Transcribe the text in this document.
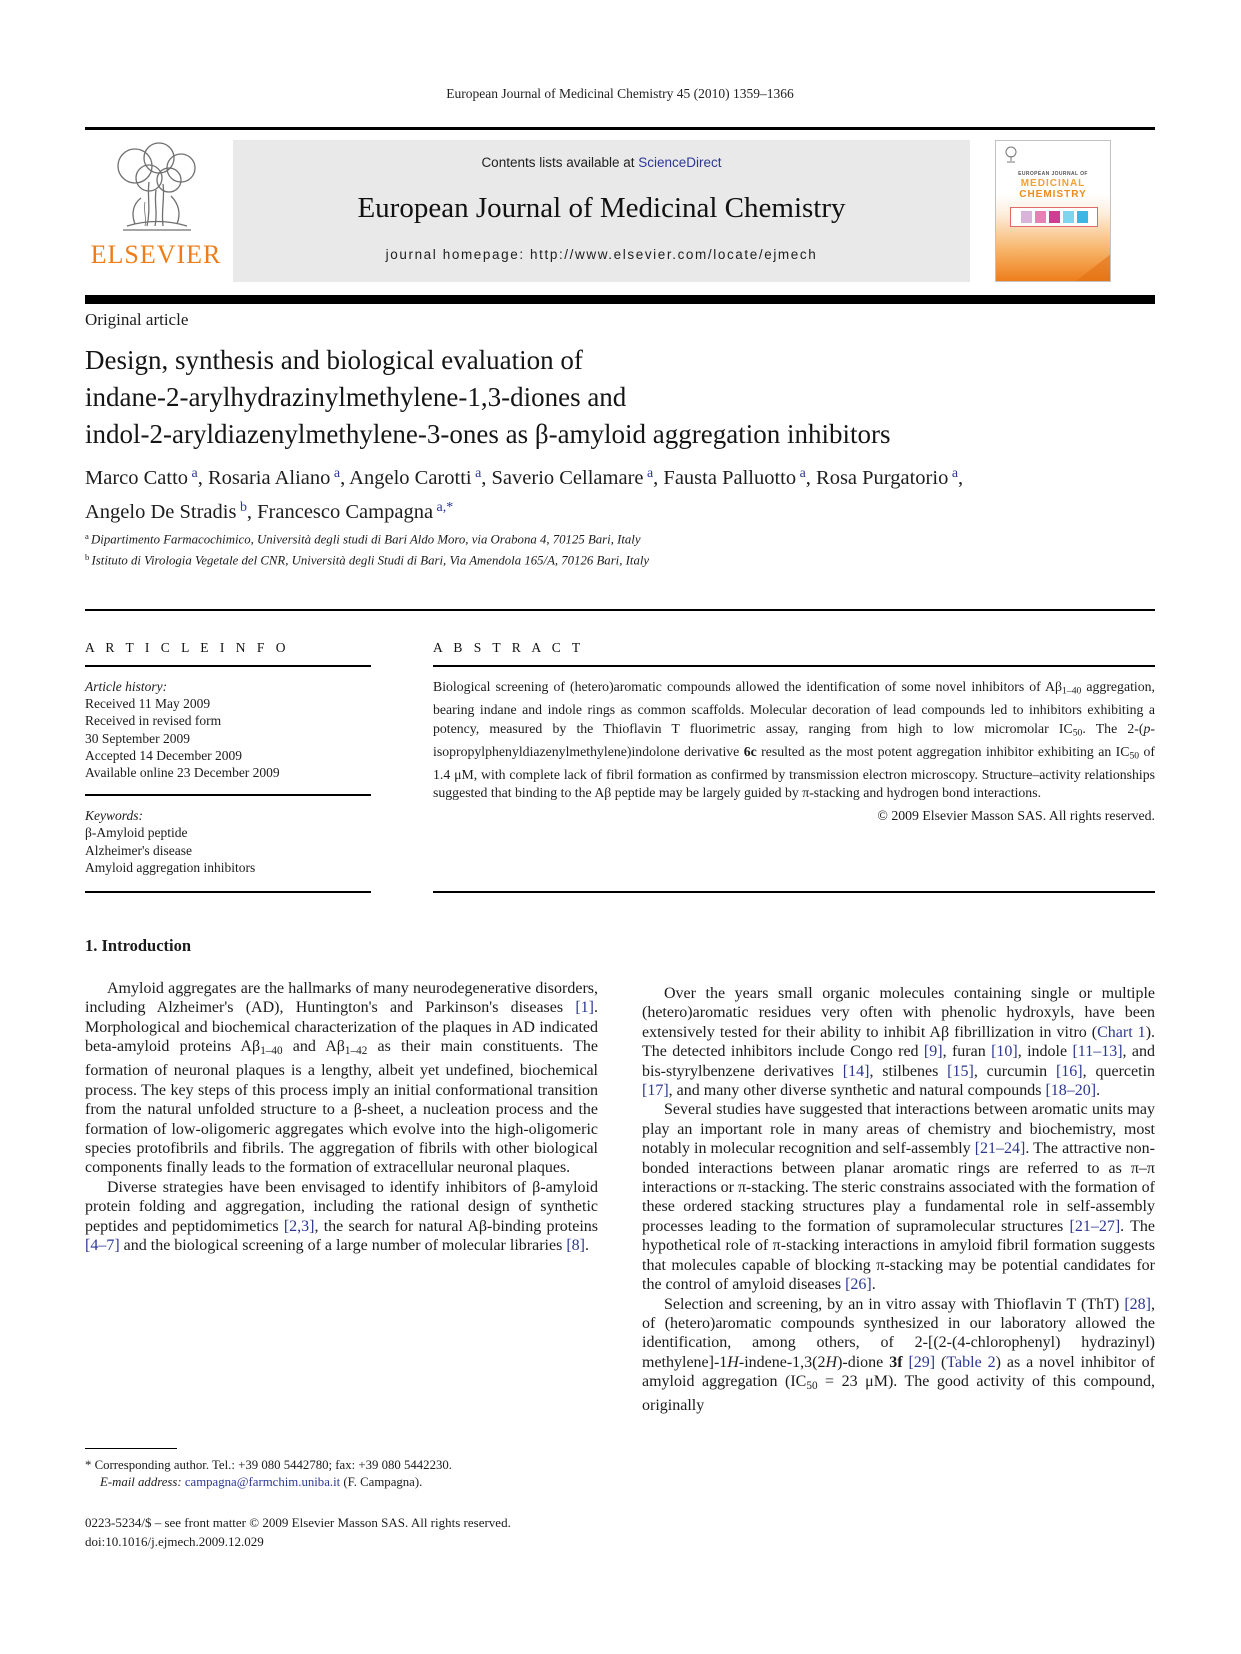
European Journal of Medicinal Chemistry 45 (2010) 1359–1366
ELSEVIER
Contents lists available at ScienceDirect
European Journal of Medicinal Chemistry
journal homepage: http://www.elsevier.com/locate/ejmech
EUROPEAN JOURNAL OF
MEDICINAL
CHEMISTRY
Original article
Design, synthesis and biological evaluation of
indane-2-arylhydrazinylmethylene-1,3-diones and
indol-2-aryldiazenylmethylene-3-ones as β-amyloid aggregation inhibitors
Marco Catto $^a$, Rosaria Aliano $^a$, Angelo Carotti $^a$, Saverio Cellamare $^a$, Fausta Palluotto $^a$, Rosa Purgatorio $^a$,
Angelo De Stradis $^b$, Francesco Campagna $^{a,*}$
$^a$ Dipartimento Farmacochimico, Università degli studi di Bari Aldo Moro, via Orabona 4, 70125 Bari, Italy
$^b$ Istituto di Virologia Vegetale del CNR, Università degli Studi di Bari, Via Amendola 165/A, 70126 Bari, Italy
A R T I C L E I N F O
Article history:
Received 11 May 2009
Received in revised form
30 September 2009
Accepted 14 December 2009
Available online 23 December 2009
Keywords:
β-Amyloid peptide
Alzheimer's disease
Amyloid aggregation inhibitors
A B S T R A C T

Biological screening of (hetero)aromatic compounds allowed the identification of some novel inhibitors of Aβ1–40 aggregation, bearing indane and indole rings as common scaffolds. Molecular decoration of lead compounds led to inhibitors exhibiting a potency, measured by the Thioflavin T fluorimetric assay, ranging from high to low micromolar IC50. The 2-(p-isopropylphenyldiazenylmethylene)indolone derivative 6c resulted as the most potent aggregation inhibitor exhibiting an IC50 of 1.4 μM, with complete lack of fibril formation as confirmed by transmission electron microscopy. Structure–activity relationships suggested that binding to the Aβ peptide may be largely guided by π-stacking and hydrogen bond interactions.

© 2009 Elsevier Masson SAS. All rights reserved.
1. Introduction

Amyloid aggregates are the hallmarks of many neurodegenerative disorders, including Alzheimer's (AD), Huntington's and Parkinson's diseases [1]. Morphological and biochemical characterization of the plaques in AD indicated beta-amyloid proteins Aβ1–40 and Aβ1–42 as their main constituents. The formation of neuronal plaques is a lengthy, albeit yet undefined, biochemical process. The key steps of this process imply an initial conformational transition from the natural unfolded structure to a β-sheet, a nucleation process and the formation of low-oligomeric aggregates which evolve into the high-oligomeric species protofibrils and fibrils. The aggregation of fibrils with other biological components finally leads to the formation of extracellular neuronal plaques.

Diverse strategies have been envisaged to identify inhibitors of β-amyloid protein folding and aggregation, including the rational design of synthetic peptides and peptidomimetics [2,3], the search for natural Aβ-binding proteins [4–7] and the biological screening of a large number of molecular libraries [8].

Over the years small organic molecules containing single or multiple (hetero)aromatic residues very often with phenolic hydroxyls, have been extensively tested for their ability to inhibit Aβ fibrillization in vitro (Chart 1). The detected inhibitors include Congo red [9], furan [10], indole [11–13], and bis-styrylbenzene derivatives [14], stilbenes [15], curcumin [16], quercetin [17], and many other diverse synthetic and natural compounds [18–20].

Several studies have suggested that interactions between aromatic units may play an important role in many areas of chemistry and biochemistry, most notably in molecular recognition and self-assembly [21–24]. The attractive non-bonded interactions between planar aromatic rings are referred to as π–π interactions or π-stacking. The steric constrains associated with the formation of these ordered stacking structures play a fundamental role in self-assembly processes leading to the formation of supramolecular structures [21–27]. The hypothetical role of π-stacking interactions in amyloid fibril formation suggests that molecules capable of blocking π-stacking may be potential candidates for the control of amyloid diseases [26].

Selection and screening, by an in vitro assay with Thioflavin T (ThT) [28], of (hetero)aromatic compounds synthesized in our laboratory allowed the identification, among others, of 2-[(2-(4-chlorophenyl) hydrazinyl) methylene]-1H-indene-1,3(2H)-dione 3f [29] (Table 2) as a novel inhibitor of amyloid aggregation (IC50 = 23 μM). The good activity of this compound, originally

* Corresponding author. Tel.: +39 080 5442780; fax: +39 080 5442230.
E-mail address: campagna@farmchim.uniba.it (F. Campagna).
0223-5234/$ – see front matter © 2009 Elsevier Masson SAS. All rights reserved.
doi:10.1016/j.ejmech.2009.12.029
